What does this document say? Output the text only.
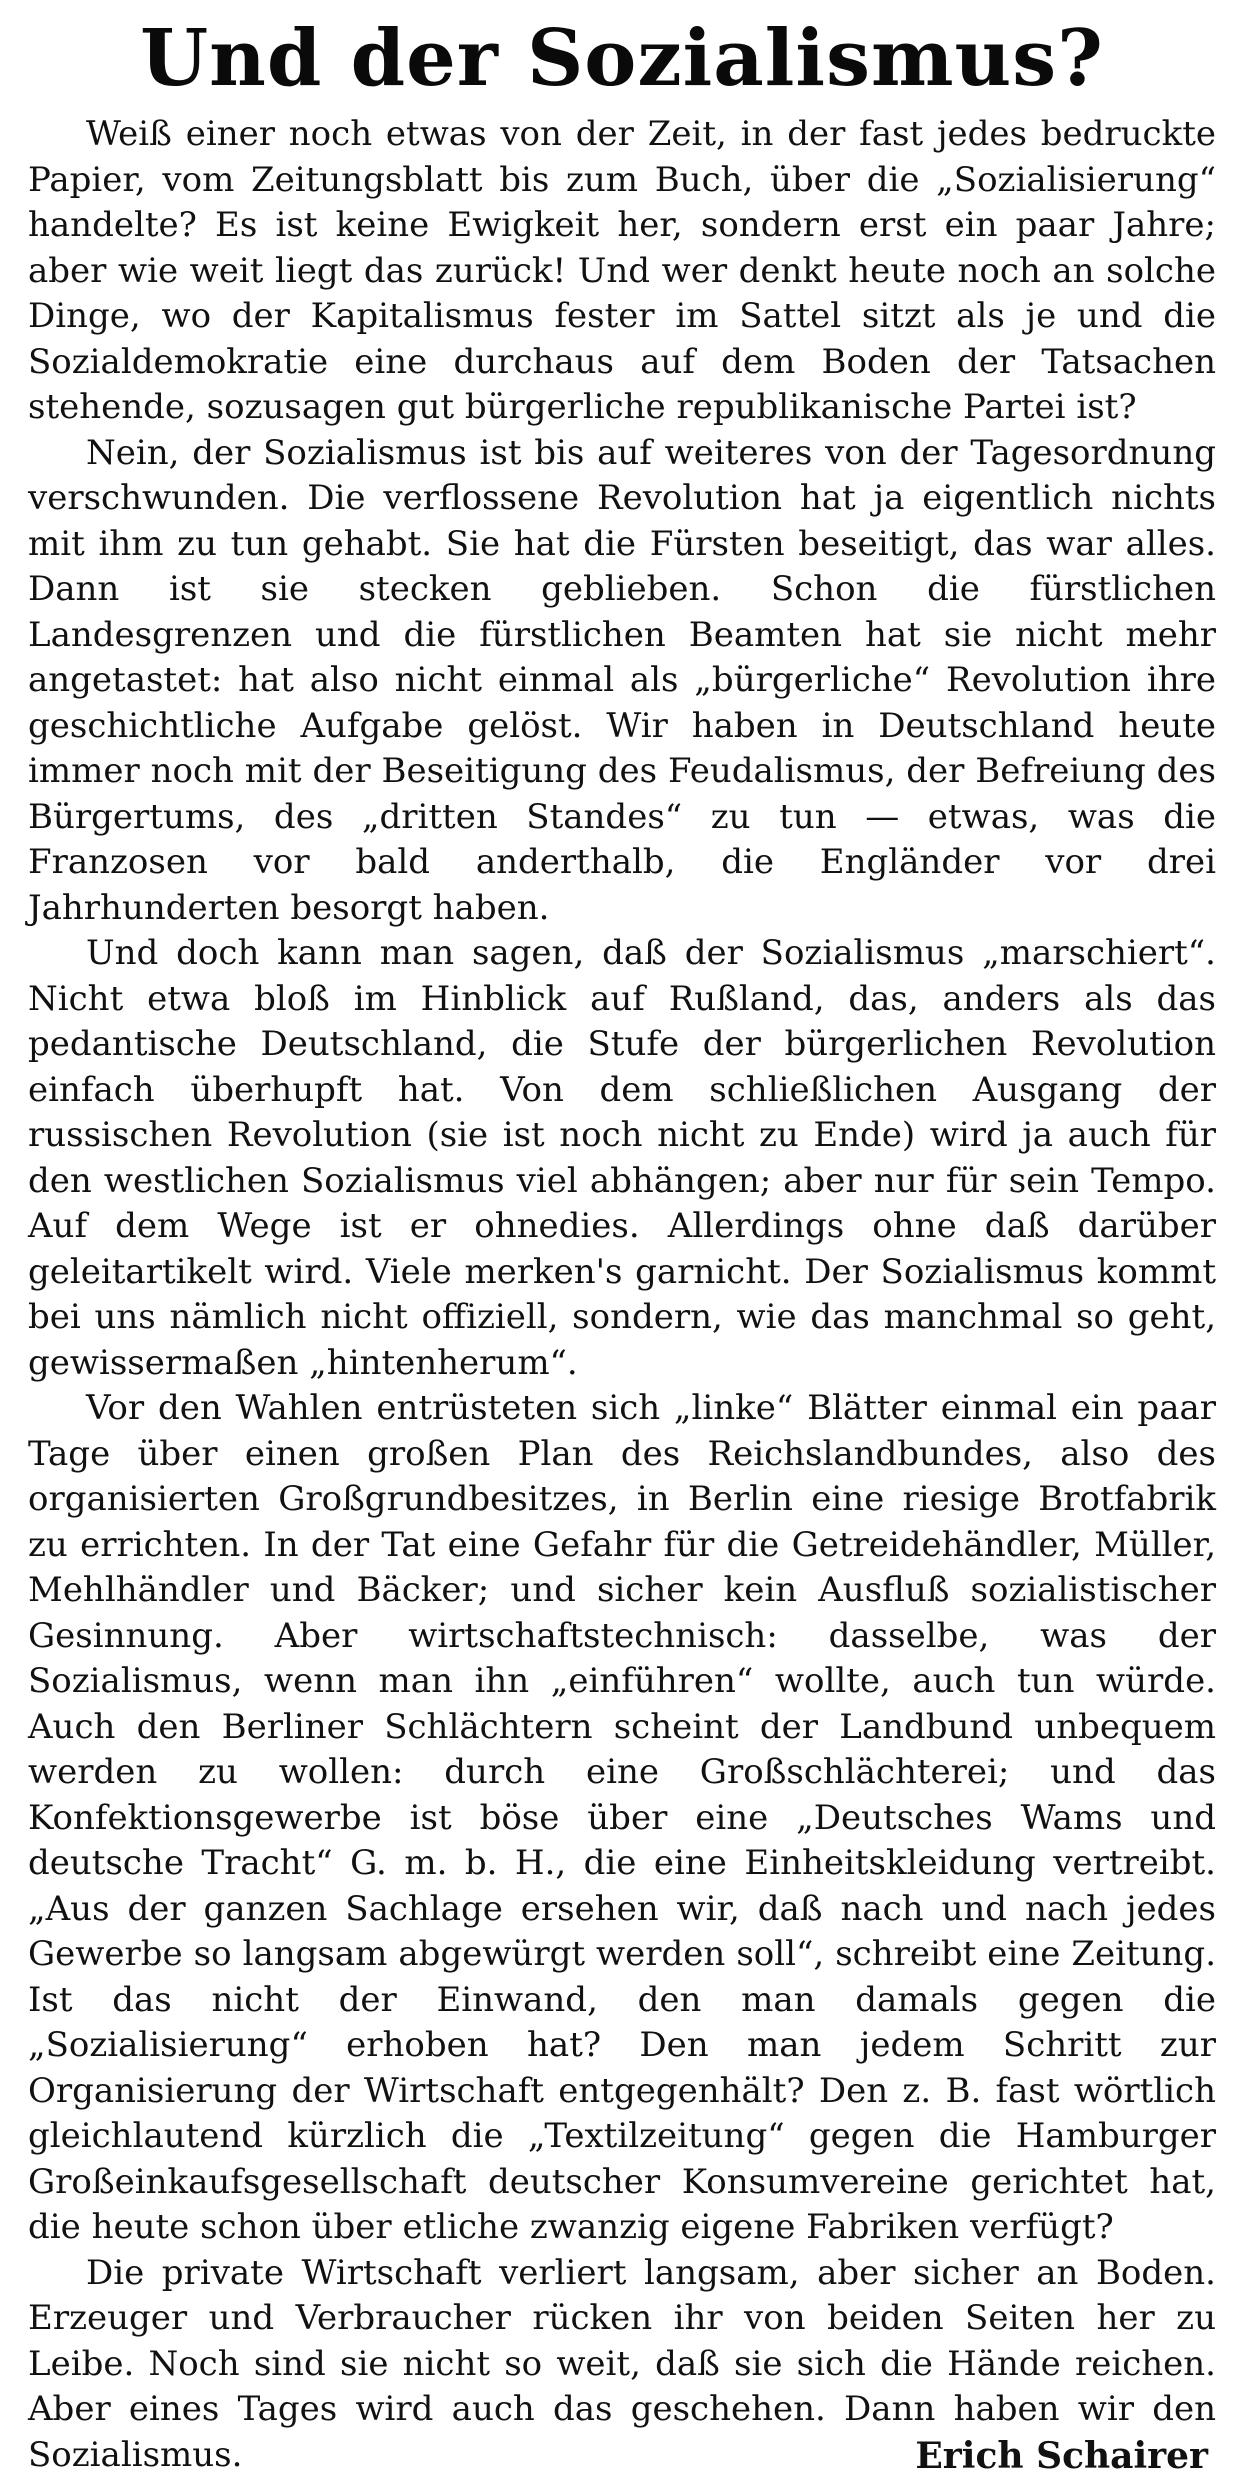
Und der Sozialismus?

Weiß einer noch etwas von der Zeit, in der fast jedes bedruckte Papier, vom Zeitungsblatt bis zum Buch, über die „Sozialisierung“ handelte? Es ist keine Ewigkeit her, sondern erst ein paar Jahre; aber wie weit liegt das zurück! Und wer denkt heute noch an solche Dinge, wo der Kapitalismus fester im Sattel sitzt als je und die Sozialdemokratie eine durchaus auf dem Boden der Tatsachen stehende, sozusagen gut bürgerliche republikanische Partei ist?

Nein, der Sozialismus ist bis auf weiteres von der Tagesordnung verschwunden. Die verflossene Revolution hat ja eigentlich nichts mit ihm zu tun gehabt. Sie hat die Fürsten beseitigt, das war alles. Dann ist sie stecken geblieben. Schon die fürstlichen Landesgrenzen und die fürstlichen Beamten hat sie nicht mehr angetastet: hat also nicht einmal als „bürgerliche“ Revolution ihre geschichtliche Aufgabe gelöst. Wir haben in Deutschland heute immer noch mit der Beseitigung des Feudalismus, der Befreiung des Bürgertums, des „dritten Standes“ zu tun — etwas, was die Franzosen vor bald anderthalb, die Engländer vor drei Jahrhunderten besorgt haben.

Und doch kann man sagen, daß der Sozialismus „marschiert“. Nicht etwa bloß im Hinblick auf Rußland, das, anders als das pedantische Deutschland, die Stufe der bürgerlichen Revolution einfach überhupft hat. Von dem schließlichen Ausgang der russischen Revolution (sie ist noch nicht zu Ende) wird ja auch für den westlichen Sozialismus viel abhängen; aber nur für sein Tempo. Auf dem Wege ist er ohnedies. Allerdings ohne daß darüber geleitartikelt wird. Viele merken's garnicht. Der Sozialismus kommt bei uns nämlich nicht offiziell, sondern, wie das manchmal so geht, gewissermaßen „hintenherum“.

Vor den Wahlen entrüsteten sich „linke“ Blätter einmal ein paar Tage über einen großen Plan des Reichslandbundes, also des organisierten Großgrundbesitzes, in Berlin eine riesige Brotfabrik zu errichten. In der Tat eine Gefahr für die Getreidehändler, Müller, Mehlhändler und Bäcker; und sicher kein Ausfluß sozialistischer Gesinnung. Aber wirtschaftstechnisch: dasselbe, was der Sozialismus, wenn man ihn „einführen“ wollte, auch tun würde. Auch den Berliner Schlächtern scheint der Landbund unbequem werden zu wollen: durch eine Großschlächterei; und das Konfektionsgewerbe ist böse über eine „Deutsches Wams und deutsche Tracht“ G. m. b. H., die eine Einheitskleidung vertreibt. „Aus der ganzen Sachlage ersehen wir, daß nach und nach jedes Gewerbe so langsam abgewürgt werden soll“, schreibt eine Zeitung. Ist das nicht der Einwand, den man damals gegen die „Sozialisierung“ erhoben hat? Den man jedem Schritt zur Organisierung der Wirtschaft entgegenhält? Den z. B. fast wörtlich gleichlautend kürzlich die „Textilzeitung“ gegen die Hamburger Großeinkaufsgesellschaft deutscher Konsumvereine gerichtet hat, die heute schon über etliche zwanzig eigene Fabriken verfügt?

Die private Wirtschaft verliert langsam, aber sicher an Boden. Erzeuger und Verbraucher rücken ihr von beiden Seiten her zu Leibe. Noch sind sie nicht so weit, daß sie sich die Hände reichen. Aber eines Tages wird auch das geschehen. Dann haben wir den Sozialismus.	Erich Schairer
